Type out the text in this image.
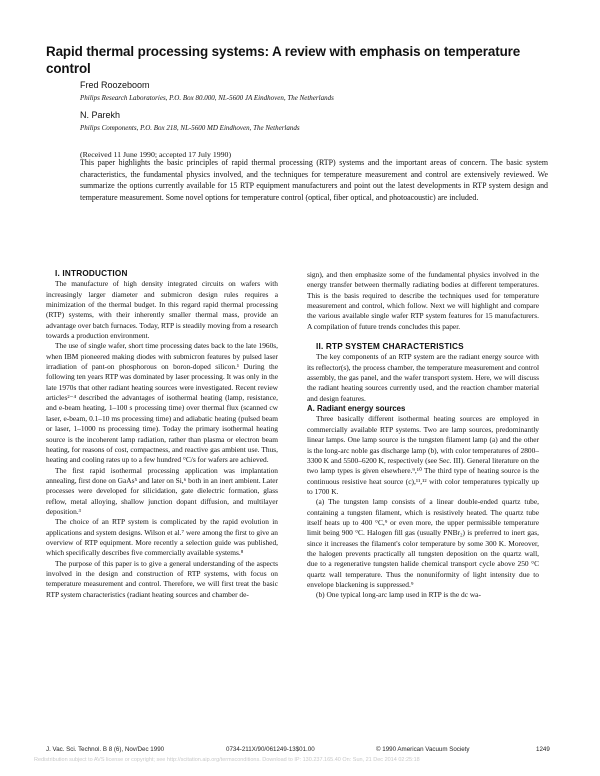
Rapid thermal processing systems: A review with emphasis on temperature control

Fred Roozeboom

Philips Research Laboratories, P.O. Box 80.000, NL-5600 JA Eindhoven, The Netherlands

N. Parekh

Philips Components, P.O. Box 218, NL-5600 MD Eindhoven, The Netherlands

(Received 11 June 1990; accepted 17 July 1990)

This paper highlights the basic principles of rapid thermal processing (RTP) systems and the important areas of concern. The basic system characteristics, the fundamental physics involved, and the techniques for temperature measurement and control are extensively reviewed. We summarize the options currently available for 15 RTP equipment manufacturers and point out the latest developments in RTP system design and temperature measurement. Some novel options for temperature control (optical, fiber optical, and photoacoustic) are included.

I. INTRODUCTION

The manufacture of high density integrated circuits on wafers with increasingly larger diameter and submicron design rules requires a minimization of the thermal budget. In this regard rapid thermal processing (RTP) systems, with their inherently smaller thermal mass, provide an advantage over batch furnaces. Today, RTP is steadily moving from a research towards a production environment.

The use of single wafer, short time processing dates back to the late 1960s, when IBM pioneered making diodes with submicron features by pulsed laser irradiation of pant-on phosphorous on boron-doped silicon.¹ During the following ten years RTP was dominated by laser processing. It was only in the late 1970s that other radiant heating sources were investigated. Recent review articles²⁻⁴ described the advantages of isothermal heating (lamp, resistance, and e-beam heating, 1–100 s processing time) over thermal flux (scanned cw laser, e-beam, 0.1–10 ms processing time) and adiabatic heating (pulsed beam or laser, 1–1000 ns processing time). Today the primary isothermal heating source is the incoherent lamp radiation, rather than plasma or electron beam heating, for reasons of cost, compactness, and reactive gas ambient use. Thus, heating and cooling rates up to a few hundred °C/s for wafers are achieved.

The first rapid isothermal processing application was implantation annealing, first done on GaAs⁵ and later on Si,⁶ both in an inert ambient. Later processes were developed for silicidation, gate dielectric formation, glass reflow, metal alloying, shallow junction dopant diffusion, and multilayer deposition.³

The choice of an RTP system is complicated by the rapid evolution in applications and system designs. Wilson et al.⁷ were among the first to give an overview of RTP equipment. More recently a selection guide was published, which specifically describes five commercially available systems.⁸

The purpose of this paper is to give a general understanding of the aspects involved in the design and construction of RTP systems, with focus on temperature measurement and control. Therefore, we will first treat the basic RTP system characteristics (radiant heating sources and chamber de-

sign), and then emphasize some of the fundamental physics involved in the energy transfer between thermally radiating bodies at different temperatures. This is the basis required to describe the techniques used for temperature measurement and control, which follow. Next we will highlight and compare the various available single wafer RTP system features for 15 manufacturers. A compilation of future trends concludes this paper.

II. RTP SYSTEM CHARACTERISTICS

The key components of an RTP system are the radiant energy source with its reflector(s), the process chamber, the temperature measurement and control assembly, the gas panel, and the wafer transport system. Here, we will discuss the radiant heating sources currently used, and the reaction chamber material and design features.

A. Radiant energy sources

Three basically different isothermal heating sources are employed in commercially available RTP systems. Two are lamp sources, predominantly linear lamps. One lamp source is the tungsten filament lamp (a) and the other is the long-arc noble gas discharge lamp (b), with color temperatures of 2800–3300 K and 5500–6200 K, respectively (see Sec. III). General literature on the two lamp types is given elsewhere.⁹,¹⁰ The third type of heating source is the continuous resistive heat source (c),¹¹,¹² with color temperatures typically up to 1700 K.

(a) The tungsten lamp consists of a linear double-ended quartz tube, containing a tungsten filament, which is resistively heated. The quartz tube itself heats up to 400 °C,⁹ or even more, the upper permissible temperature limit being 900 °C. Halogen fill gas (usually PNBr₂) is preferred to inert gas, since it increases the filament's color temperature by some 300 K. Moreover, the halogen prevents practically all tungsten deposition on the quartz wall, due to a regenerative tungsten halide chemical transport cycle above 250 °C quartz wall temperature. Thus the nonuniformity of light intensity due to envelope blackening is suppressed.⁹

(b) One typical long-arc lamp used in RTP is the dc wa-

J. Vac. Sci. Technol. B 8 (6), Nov/Dec 1990	0734-211X/90/061249-13$01.00	© 1990 American Vacuum Society	1249
Redistribution subject to AVS license or copyright; see http://scitation.aip.org/termsconditions. Download to IP: 130.237.165.40 On: Sun, 21 Dec 2014 02:25:18
